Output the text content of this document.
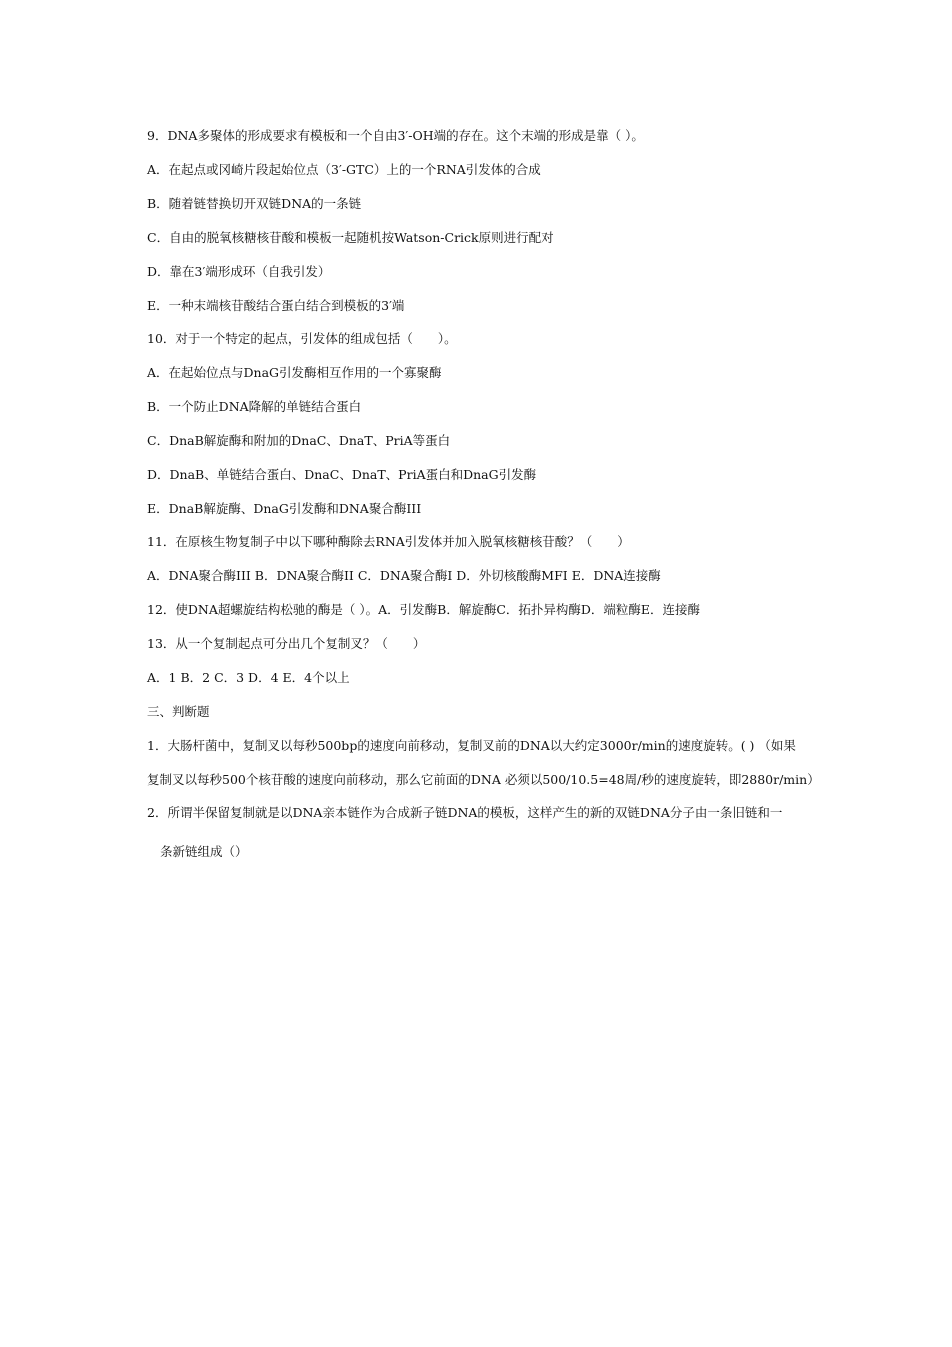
9．DNA多聚体的形成要求有模板和一个自由3′-OH端的存在。这个末端的形成是靠（ ）。
A．在起点或冈崎片段起始位点（3′-GTC）上的一个RNA引发体的合成
B．随着链替换切开双链DNA的一条链
C．自由的脱氧核糖核苷酸和模板一起随机按Watson-Crick原则进行配对
D．靠在3′端形成环（自我引发）
E．一种末端核苷酸结合蛋白结合到模板的3′端
10．对于一个特定的起点，引发体的组成包括（　　）。
A．在起始位点与DnaG引发酶相互作用的一个寡聚酶
B．一个防止DNA降解的单链结合蛋白
C．DnaB解旋酶和附加的DnaC、DnaT、PriA等蛋白
D．DnaB、单链结合蛋白、DnaC、DnaT、PriA蛋白和DnaG引发酶
E．DnaB解旋酶、DnaG引发酶和DNA聚合酶III
11．在原核生物复制子中以下哪种酶除去RNA引发体并加入脱氧核糖核苷酸？（　　）
A．DNA聚合酶III B．DNA聚合酶II C．DNA聚合酶I D．外切核酸酶MFI E．DNA连接酶
12．使DNA超螺旋结构松驰的酶是（ ）。A．引发酶B．解旋酶C．拓扑异构酶D．端粒酶E．连接酶
13．从一个复制起点可分出几个复制叉？（　　）
A．1 B．2 C．3 D．4 E．4个以上
三、判断题
1．大肠杆菌中，复制叉以每秒500bp的速度向前移动，复制叉前的DNA以大约定3000r/min的速度旋转。( ) （如果
复制叉以每秒500个核苷酸的速度向前移动，那么它前面的DNA 必须以500/10.5=48周/秒的速度旋转，即2880r/min）
2．所谓半保留复制就是以DNA亲本链作为合成新子链DNA的模板，这样产生的新的双链DNA分子由一条旧链和一
条新链组成（）
